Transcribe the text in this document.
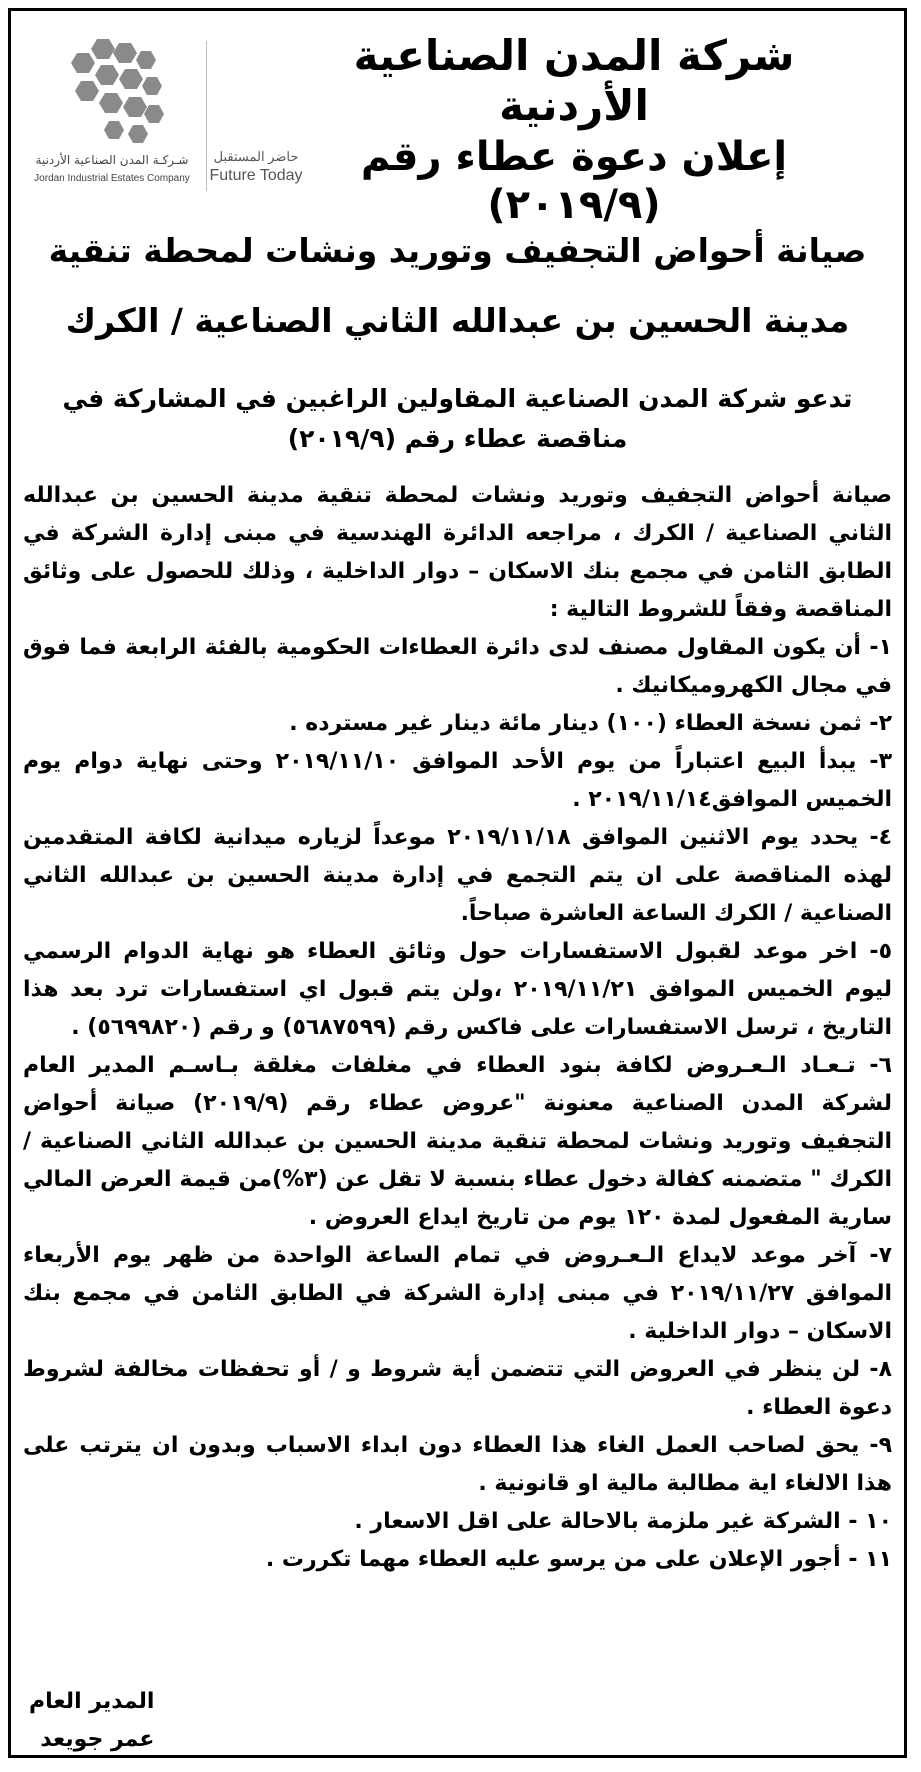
شـركـة المدن الصناعية الأردنية
Jordan Industrial Estates Company
حاضر المستقبل
Future Today
شركة المدن الصناعية الأردنية
إعلان دعوة عطاء رقم (٢٠١٩/٩)
صيانة أحواض التجفيف وتوريد ونشات لمحطة تنقية مدينة الحسين بن عبدالله الثاني الصناعية / الكرك
تدعو شركة المدن الصناعية المقاولين الراغبين في المشاركة في مناقصة عطاء رقم (٢٠١٩/٩)

صيانة أحواض التجفيف وتوريد ونشات لمحطة تنقية مدينة الحسين بن عبدالله الثاني الصناعية / الكرك ، مراجعه الدائرة الهندسية في مبنى إدارة الشركة في الطابق الثامن في مجمع بنك الاسكان – دوار الداخلية ، وذلك للحصول على وثائق المناقصة وفقاً للشروط التالية :

١- أن يكون المقاول مصنف لدى دائرة العطاءات الحكومية بالفئة الرابعة فما فوق في مجال الكهروميكانيك .

٢- ثمن نسخة العطاء (١٠٠) دينار مائة دينار غير مسترده .

٣- يبدأ البيع اعتباراً من يوم الأحد الموافق ٢٠١٩/١١/١٠ وحتى نهاية دوام يوم الخميس الموافق٢٠١٩/١١/١٤ .

٤- يحدد يوم الاثنين الموافق ٢٠١٩/١١/١٨ موعداً لزياره ميدانية لكافة المتقدمين لهذه المناقصة على ان يتم التجمع في إدارة مدينة الحسين بن عبدالله الثاني الصناعية / الكرك الساعة العاشرة صباحاً.

٥- اخر موعد لقبول الاستفسارات حول وثائق العطاء هو نهاية الدوام الرسمي ليوم الخميس الموافق ٢٠١٩/١١/٢١ ،ولن يتم قبول اي استفسارات ترد بعد هذا التاريخ ، ترسل الاستفسارات على فاكس رقم (٥٦٨٧٥٩٩) و رقم (٥٦٩٩٨٢٠) .

٦- تـعـاد الـعـروض لكافة بنود العطاء في مغلفات مغلقة بـاسـم المدير العام لشركة المدن الصناعية معنونة "عروض عطاء رقم (٢٠١٩/٩) صيانة أحواض التجفيف وتوريد ونشات لمحطة تنقية مدينة الحسين بن عبدالله الثاني الصناعية / الكرك " متضمنه كفالة دخول عطاء بنسبة لا تقل عن (٣%)من قيمة العرض المالي سارية المفعول لمدة ١٢٠ يوم من تاريخ ايداع العروض .

٧- آخر موعد لايداع الـعـروض في تمام الساعة الواحدة من ظهر يوم الأربعاء الموافق ٢٠١٩/١١/٢٧ في مبنى إدارة الشركة في الطابق الثامن في مجمع بنك الاسكان – دوار الداخلية .

٨- لن ينظر في العروض التي تتضمن أية شروط و / أو تحفظات مخالفة لشروط دعوة العطاء .

٩- يحق لصاحب العمل الغاء هذا العطاء دون ابداء الاسباب وبدون ان يترتب على هذا الالغاء اية مطالبة مالية او قانونية .

١٠ - الشركة غير ملزمة بالاحالة على اقل الاسعار .

١١ - أجور الإعلان على من يرسو عليه العطاء مهما تكررت .

المدير العام
عمر جويعد
